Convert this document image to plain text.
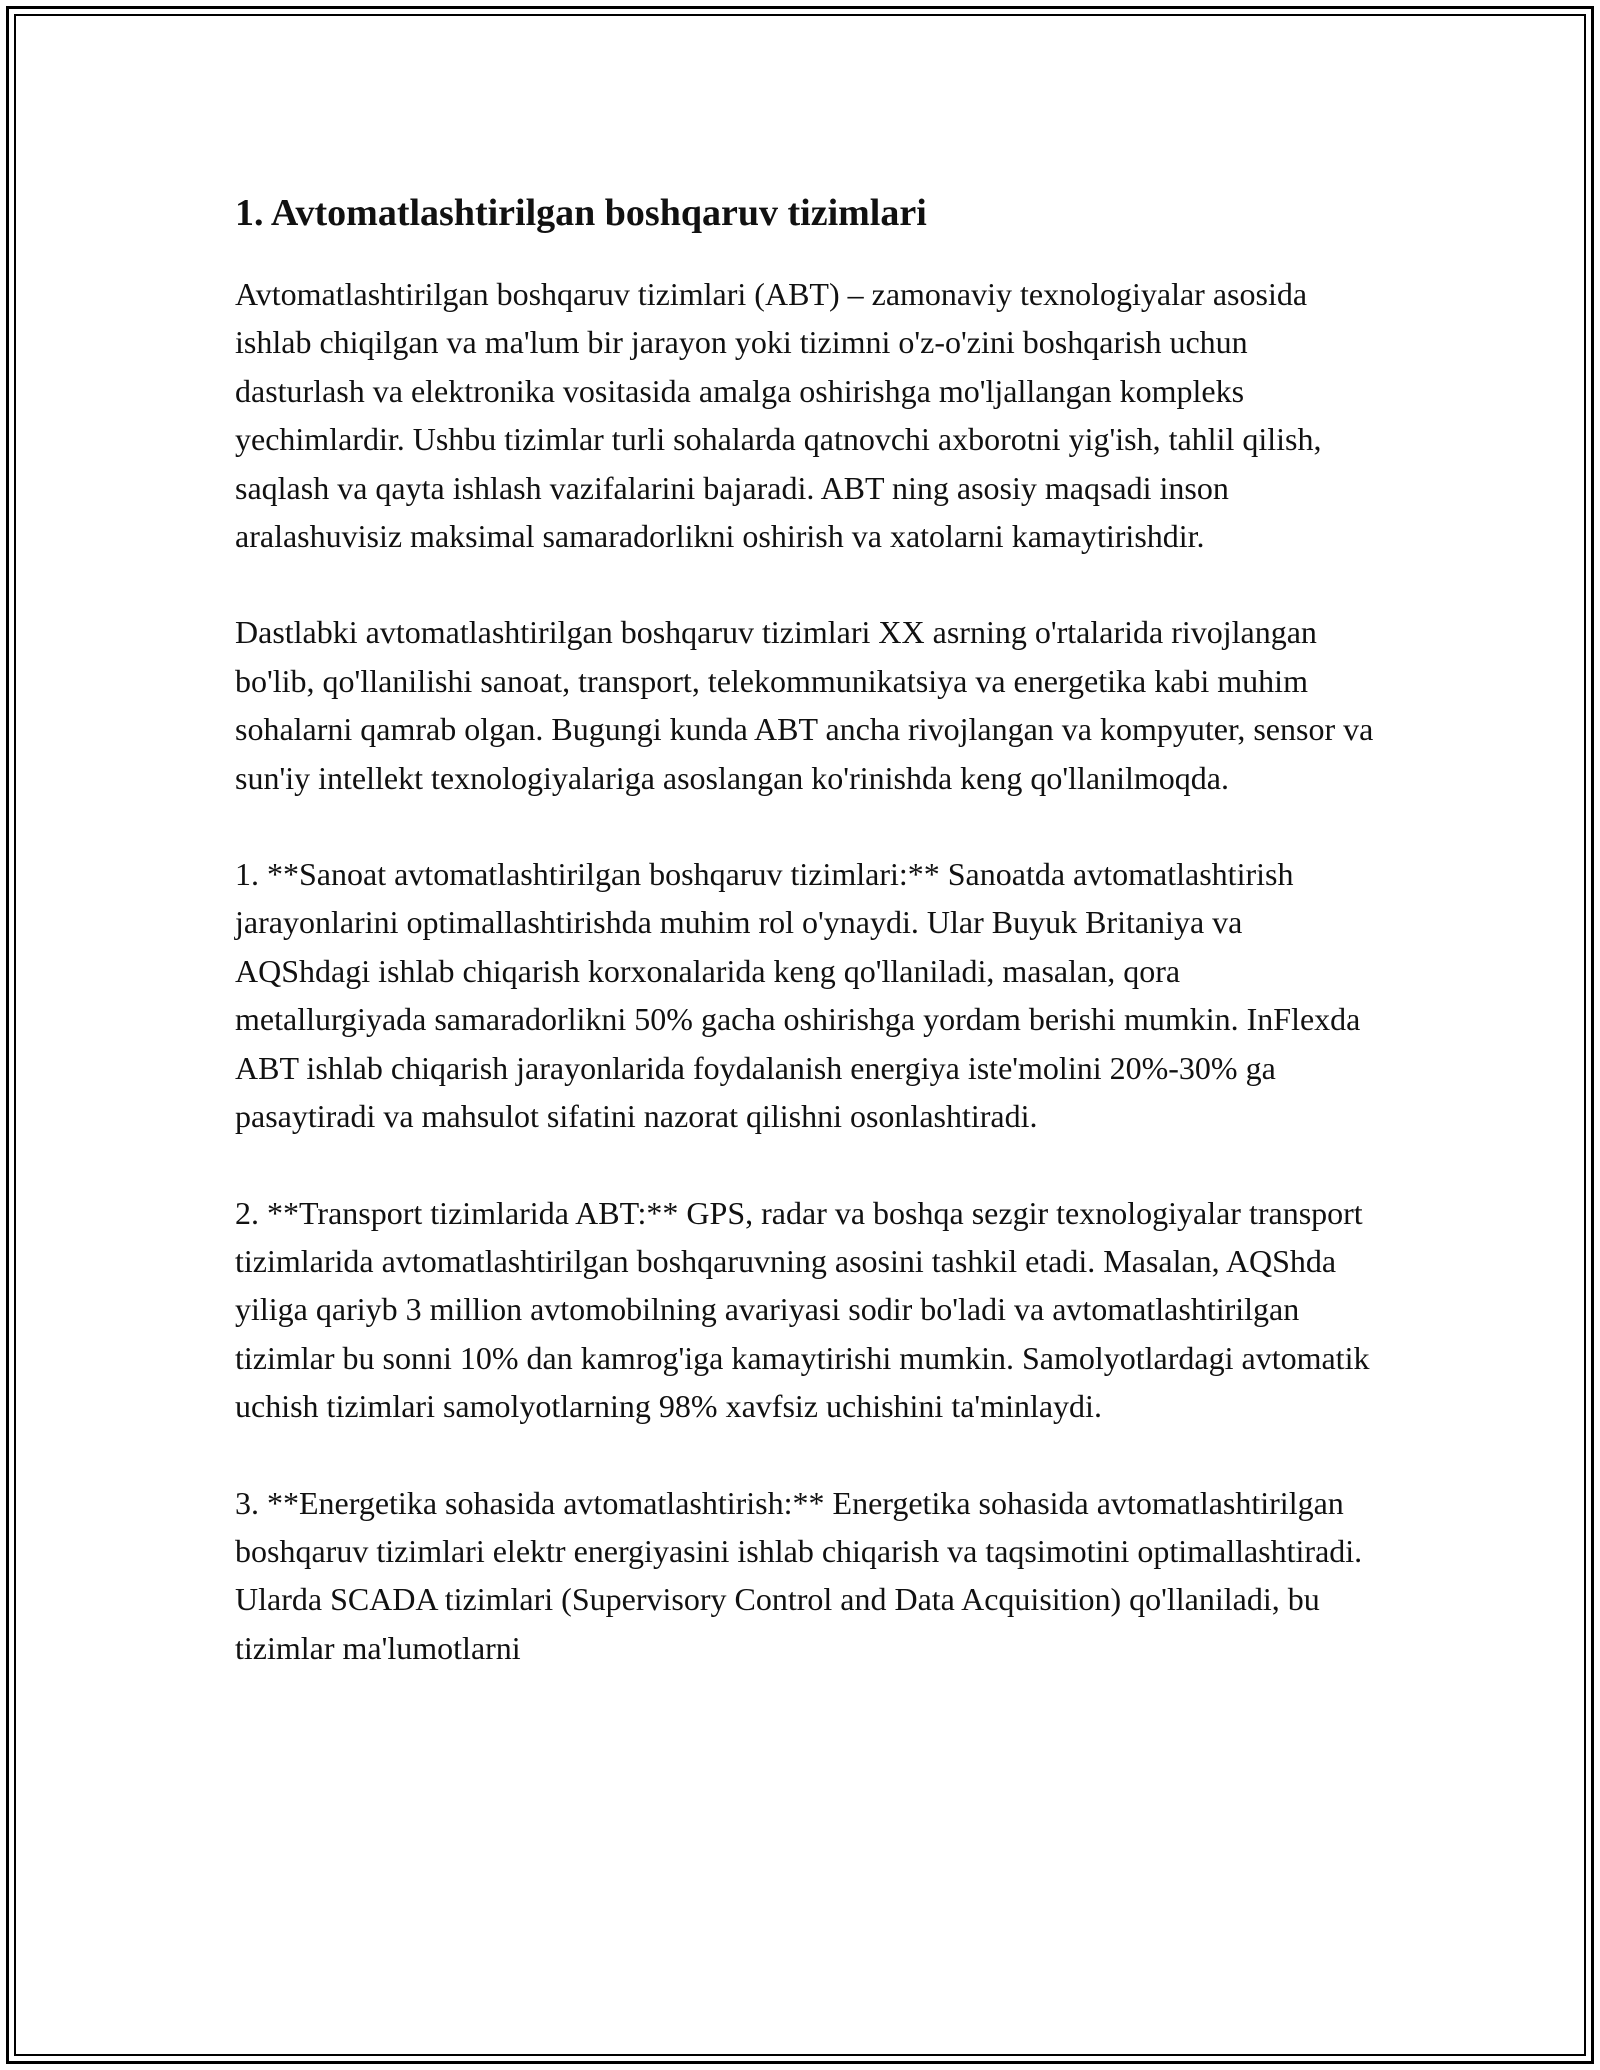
1. Avtomatlashtirilgan boshqaruv tizimlari

Avtomatlashtirilgan boshqaruv tizimlari (ABT) – zamonaviy texnologiyalar asosida ishlab chiqilgan va ma'lum bir jarayon yoki tizimni o'z-o'zini boshqarish uchun dasturlash va elektronika vositasida amalga oshirishga mo'ljallangan kompleks yechimlardir. Ushbu tizimlar turli sohalarda qatnovchi axborotni yig'ish, tahlil qilish, saqlash va qayta ishlash vazifalarini bajaradi. ABT ning asosiy maqsadi inson aralashuvisiz maksimal samaradorlikni oshirish va xatolarni kamaytirishdir.

Dastlabki avtomatlashtirilgan boshqaruv tizimlari XX asrning o'rtalarida rivojlangan bo'lib, qo'llanilishi sanoat, transport, telekommunikatsiya va energetika kabi muhim sohalarni qamrab olgan. Bugungi kunda ABT ancha rivojlangan va kompyuter, sensor va sun'iy intellekt texnologiyalariga asoslangan ko'rinishda keng qo'llanilmoqda.

1. **Sanoat avtomatlashtirilgan boshqaruv tizimlari:** Sanoatda avtomatlashtirish jarayonlarini optimallashtirishda muhim rol o'ynaydi. Ular Buyuk Britaniya va AQShdagi ishlab chiqarish korxonalarida keng qo'llaniladi, masalan, qora metallurgiyada samaradorlikni 50% gacha oshirishga yordam berishi mumkin. InFlexda ABT ishlab chiqarish jarayonlarida foydalanish energiya iste'molini 20%-30% ga pasaytiradi va mahsulot sifatini nazorat qilishni osonlashtiradi.

2. **Transport tizimlarida ABT:** GPS, radar va boshqa sezgir texnologiyalar transport tizimlarida avtomatlashtirilgan boshqaruvning asosini tashkil etadi. Masalan, AQShda yiliga qariyb 3 million avtomobilning avariyasi sodir bo'ladi va avtomatlashtirilgan tizimlar bu sonni 10% dan kamrog'iga kamaytirishi mumkin. Samolyotlardagi avtomatik uchish tizimlari samolyotlarning 98% xavfsiz uchishini ta'minlaydi.

3. **Energetika sohasida avtomatlashtirish:** Energetika sohasida avtomatlashtirilgan boshqaruv tizimlari elektr energiyasini ishlab chiqarish va taqsimotini optimallashtiradi. Ularda SCADA tizimlari (Supervisory Control and Data Acquisition) qo'llaniladi, bu tizimlar ma'lumotlarni
